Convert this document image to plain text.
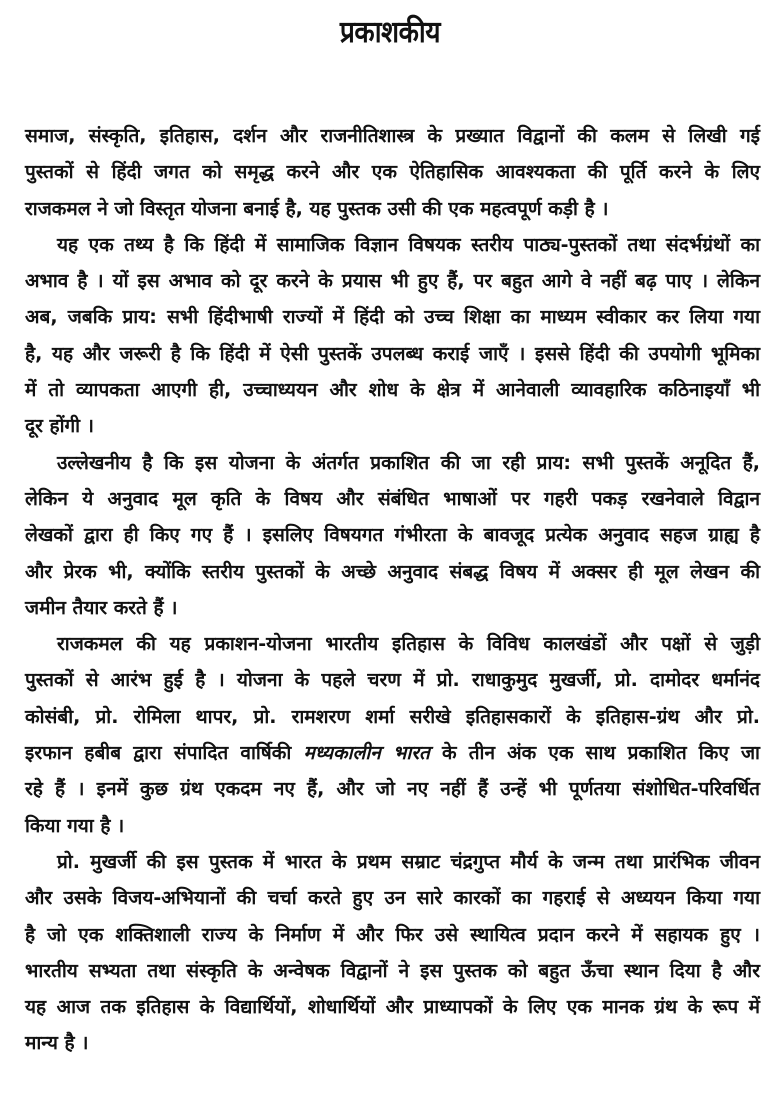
प्रकाशकीय
समाज, संस्कृति, इतिहास, दर्शन और राजनीतिशास्त्र के प्रख्यात विद्वानों की कलम से लिखी गई
पुस्तकों से हिंदी जगत को समृद्ध करने और एक ऐतिहासिक आवश्यकता की पूर्ति करने के लिए
राजकमल ने जो विस्तृत योजना बनाई है, यह पुस्तक उसी की एक महत्वपूर्ण कड़ी है ।
यह एक तथ्य है कि हिंदी में सामाजिक विज्ञान विषयक स्तरीय पाठ्य-पुस्तकों तथा संदर्भग्रंथों का
अभाव है । यों इस अभाव को दूर करने के प्रयास भी हुए हैं, पर बहुत आगे वे नहीं बढ़ पाए । लेकिन
अब, जबकि प्राय: सभी हिंदीभाषी राज्यों में हिंदी को उच्च शिक्षा का माध्यम स्वीकार कर लिया गया
है, यह और जरूरी है कि हिंदी में ऐसी पुस्तकें उपलब्ध कराई जाएँ । इससे हिंदी की उपयोगी भूमिका
में तो व्यापकता आएगी ही, उच्चाध्ययन और शोध के क्षेत्र में आनेवाली व्यावहारिक कठिनाइयाँ भी
दूर होंगी ।
उल्लेखनीय है कि इस योजना के अंतर्गत प्रकाशित की जा रही प्राय: सभी पुस्तकें अनूदित हैं,
लेकिन ये अनुवाद मूल कृति के विषय और संबंधित भाषाओं पर गहरी पकड़ रखनेवाले विद्वान
लेखकों द्वारा ही किए गए हैं । इसलिए विषयगत गंभीरता के बावजूद प्रत्येक अनुवाद सहज ग्राह्य है
और प्रेरक भी, क्योंकि स्तरीय पुस्तकों के अच्छे अनुवाद संबद्ध विषय में अक्सर ही मूल लेखन की
जमीन तैयार करते हैं ।
राजकमल की यह प्रकाशन-योजना भारतीय इतिहास के विविध कालखंडों और पक्षों से जुड़ी
पुस्तकों से आरंभ हुई है । योजना के पहले चरण में प्रो. राधाकुमुद मुखर्जी, प्रो. दामोदर धर्मानंद
कोसंबी, प्रो. रोमिला थापर, प्रो. रामशरण शर्मा सरीखे इतिहासकारों के इतिहास-ग्रंथ और प्रो.
इरफान हबीब द्वारा संपादित वार्षिकी मध्यकालीन भारत के तीन अंक एक साथ प्रकाशित किए जा
रहे हैं । इनमें कुछ ग्रंथ एकदम नए हैं, और जो नए नहीं हैं उन्हें भी पूर्णतया संशोधित-परिवर्धित
किया गया है ।
प्रो. मुखर्जी की इस पुस्तक में भारत के प्रथम सम्राट चंद्रगुप्त मौर्य के जन्म तथा प्रारंभिक जीवन
और उसके विजय-अभियानों की चर्चा करते हुए उन सारे कारकों का गहराई से अध्ययन किया गया
है जो एक शक्तिशाली राज्य के निर्माण में और फिर उसे स्थायित्व प्रदान करने में सहायक हुए ।
भारतीय सभ्यता तथा संस्कृति के अन्वेषक विद्वानों ने इस पुस्तक को बहुत ऊँचा स्थान दिया है और
यह आज तक इतिहास के विद्यार्थियों, शोधार्थियों और प्राध्यापकों के लिए एक मानक ग्रंथ के रूप में
मान्य है ।
